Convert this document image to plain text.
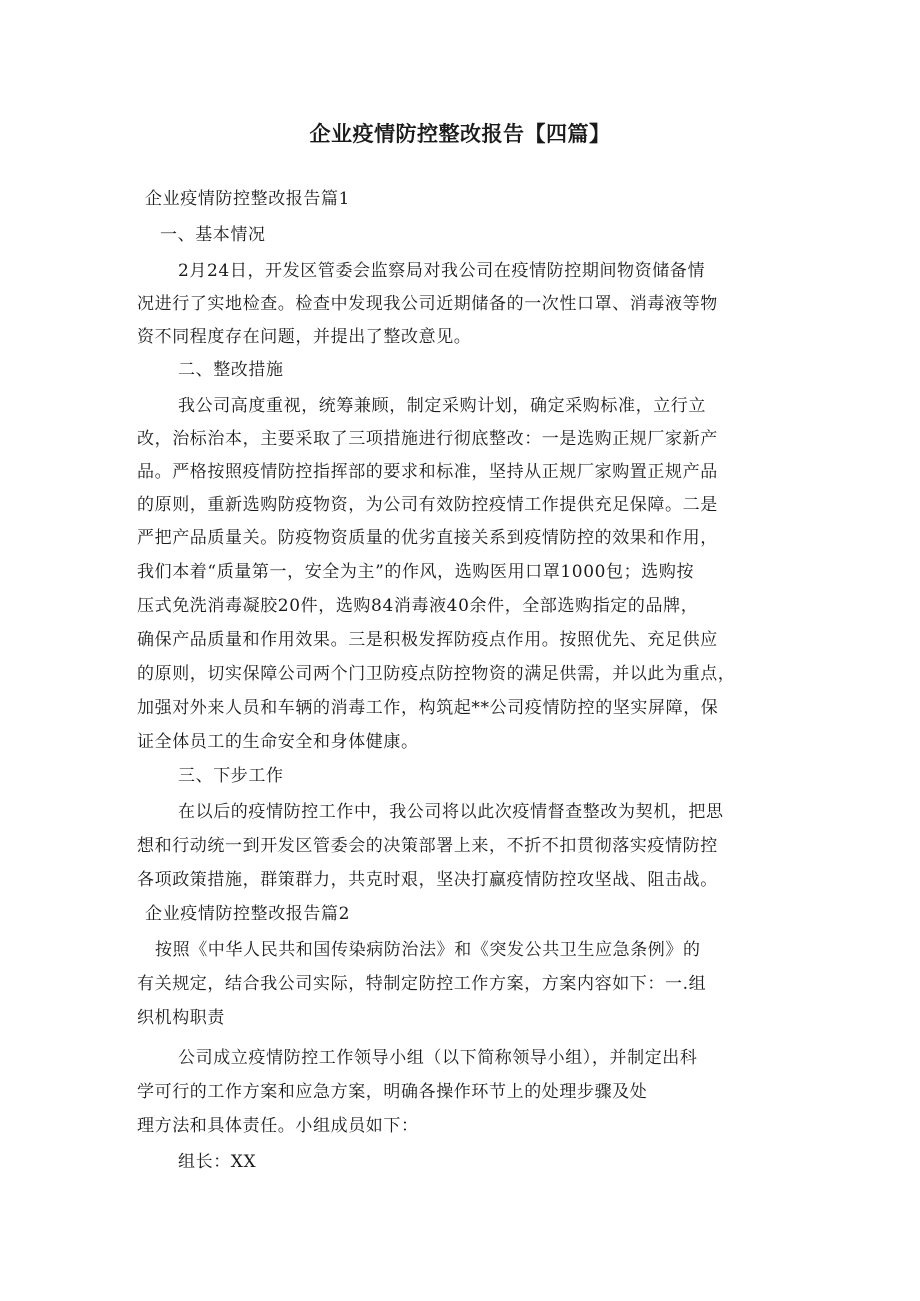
企业疫情防控整改报告【四篇】
企业疫情防控整改报告篇1
一、基本情况
2月24日，开发区管委会监察局对我公司在疫情防控期间物资储备情
况进行了实地检查。检查中发现我公司近期储备的一次性口罩、消毒液等物
资不同程度存在问题，并提出了整改意见。
二、整改措施
我公司高度重视，统筹兼顾，制定采购计划，确定采购标准，立行立
改，治标治本，主要采取了三项措施进行彻底整改：一是选购正规厂家新产
品。严格按照疫情防控指挥部的要求和标准，坚持从正规厂家购置正规产品
的原则，重新选购防疫物资，为公司有效防控疫情工作提供充足保障。二是
严把产品质量关。防疫物资质量的优劣直接关系到疫情防控的效果和作用，
我们本着“质量第一，安全为主”的作风，选购医用口罩1000包；选购按
压式免洗消毒凝胶20件，选购84消毒液40余件，全部选购指定的品牌，
确保产品质量和作用效果。三是积极发挥防疫点作用。按照优先、充足供应
的原则，切实保障公司两个门卫防疫点防控物资的满足供需，并以此为重点，
加强对外来人员和车辆的消毒工作，构筑起**公司疫情防控的坚实屏障，保
证全体员工的生命安全和身体健康。
三、下步工作
在以后的疫情防控工作中，我公司将以此次疫情督查整改为契机，把思
想和行动统一到开发区管委会的决策部署上来，不折不扣贯彻落实疫情防控
各项政策措施，群策群力，共克时艰，坚决打赢疫情防控攻坚战、阻击战。
企业疫情防控整改报告篇2
按照《中华人民共和国传染病防治法》和《突发公共卫生应急条例》的
有关规定，结合我公司实际，特制定防控工作方案，方案内容如下：一.组
织机构职责
公司成立疫情防控工作领导小组（以下简称领导小组），并制定出科
学可行的工作方案和应急方案，明确各操作环节上的处理步骤及处
理方法和具体责任。小组成员如下：
组长：XX
